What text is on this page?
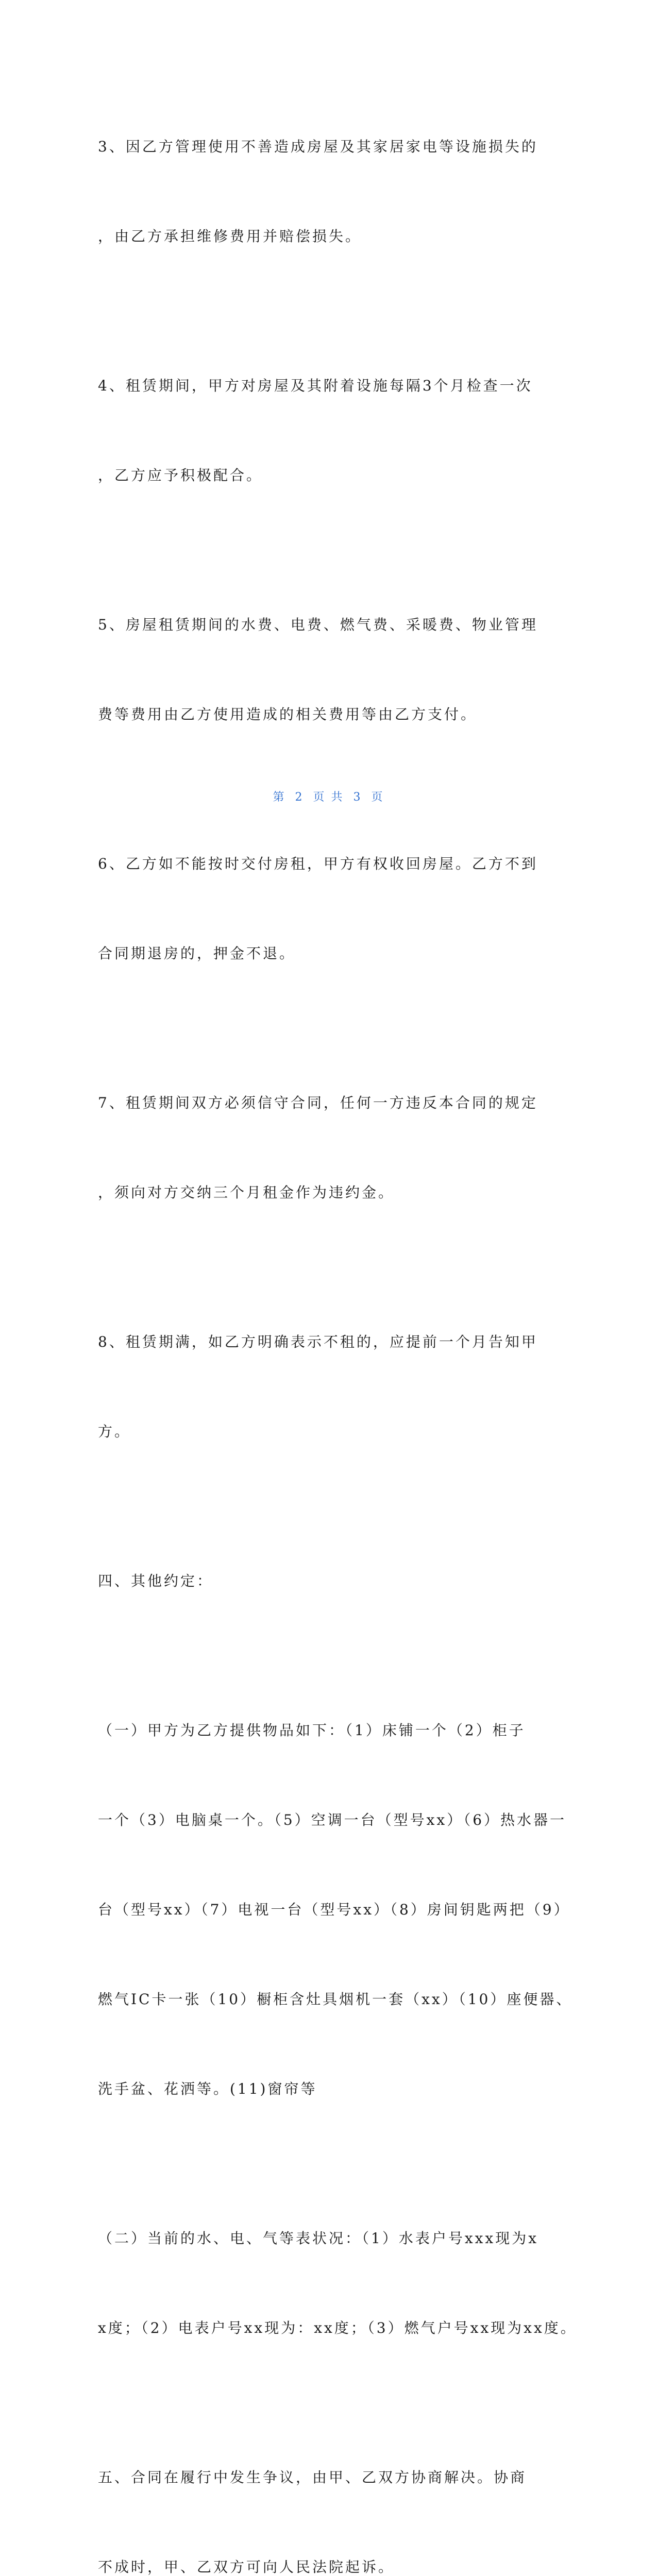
3、因乙方管理使用不善造成房屋及其家居家电等设施损失的

，由乙方承担维修费用并赔偿损失。

4、租赁期间，甲方对房屋及其附着设施每隔3个月检查一次

，乙方应予积极配合。

5、房屋租赁期间的水费、电费、燃气费、采暖费、物业管理

费等费用由乙方使用造成的相关费用等由乙方支付。

6、乙方如不能按时交付房租，甲方有权收回房屋。乙方不到

合同期退房的，押金不退。

7、租赁期间双方必须信守合同，任何一方违反本合同的规定

，须向对方交纳三个月租金作为违约金。

8、租赁期满，如乙方明确表示不租的，应提前一个月告知甲

方。

四、其他约定：

（一）甲方为乙方提供物品如下：（1）床铺一个（2）柜子

一个（3）电脑桌一个。（5）空调一台（型号xx）（6）热水器一

台（型号xx）（7）电视一台（型号xx）（8）房间钥匙两把（9）

燃气IC卡一张（10）橱柜含灶具烟机一套（xx）（10）座便器、

洗手盆、花洒等。(11)窗帘等

（二）当前的水、电、气等表状况：（1）水表户号xxx现为x

x度；（2）电表户号xx现为：xx度；（3）燃气户号xx现为xx度。

五、合同在履行中发生争议，由甲、乙双方协商解决。协商

不成时，甲、乙双方可向人民法院起诉。

第 2 页 共 3 页
